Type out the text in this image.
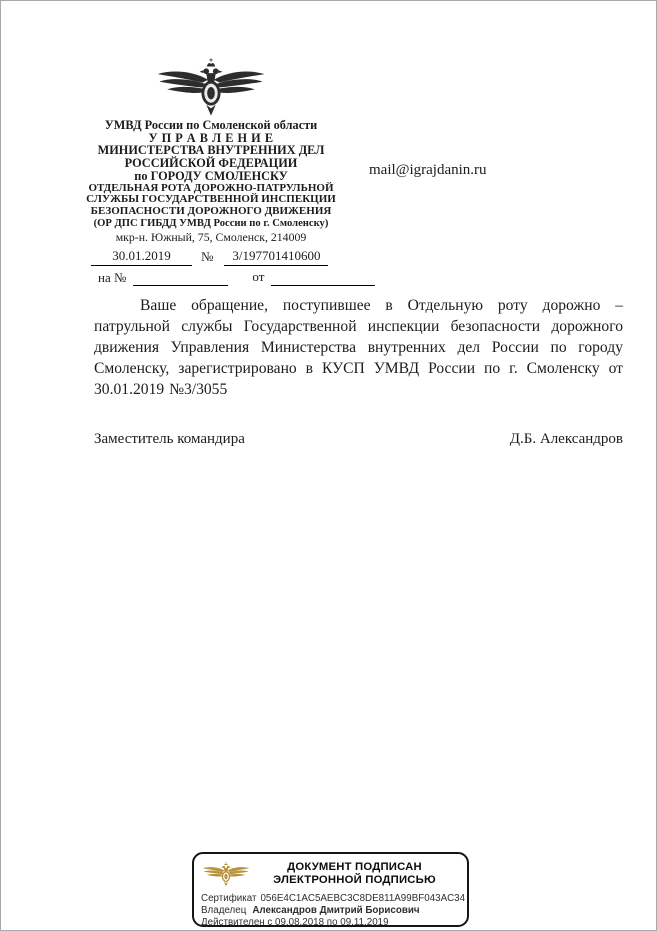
УМВД России по Смоленской области
У П Р А В Л Е Н И Е
МИНИСТЕРСТВА ВНУТРЕННИХ ДЕЛ
РОССИЙСКОЙ ФЕДЕРАЦИИ
по ГОРОДУ СМОЛЕНСКУ
ОТДЕЛЬНАЯ РОТА ДОРОЖНО-ПАТРУЛЬНОЙ
СЛУЖБЫ ГОСУДАРСТВЕННОЙ ИНСПЕКЦИИ
БЕЗОПАСНОСТИ ДОРОЖНОГО ДВИЖЕНИЯ
(ОР ДПС ГИБДД УМВД России по г. Смоленску)
мкр-н. Южный, 75, Смоленск, 214009
30.01.2019	№	3/197701410600
на №	от
mail@igrajdanin.ru

Ваше обращение, поступившее в Отдельную роту дорожно – патрульной службы Государственной инспекции безопасности дорожного движения Управления Министерства внутренних дел России по городу Смоленску, зарегистрировано в КУСП УМВД России по г. Смоленску от 30.01.2019 №3/3055

Заместитель командира	Д.Б. Александров
ДОКУМЕНТ ПОДПИСАН
ЭЛЕКТРОННОЙ ПОДПИСЬЮ
Сертификат 056E4C1AC5AEBC3C8DE811A99BF043AC34
Владелец Александров Дмитрий Борисович
Действителен с 09.08.2018 по 09.11.2019
